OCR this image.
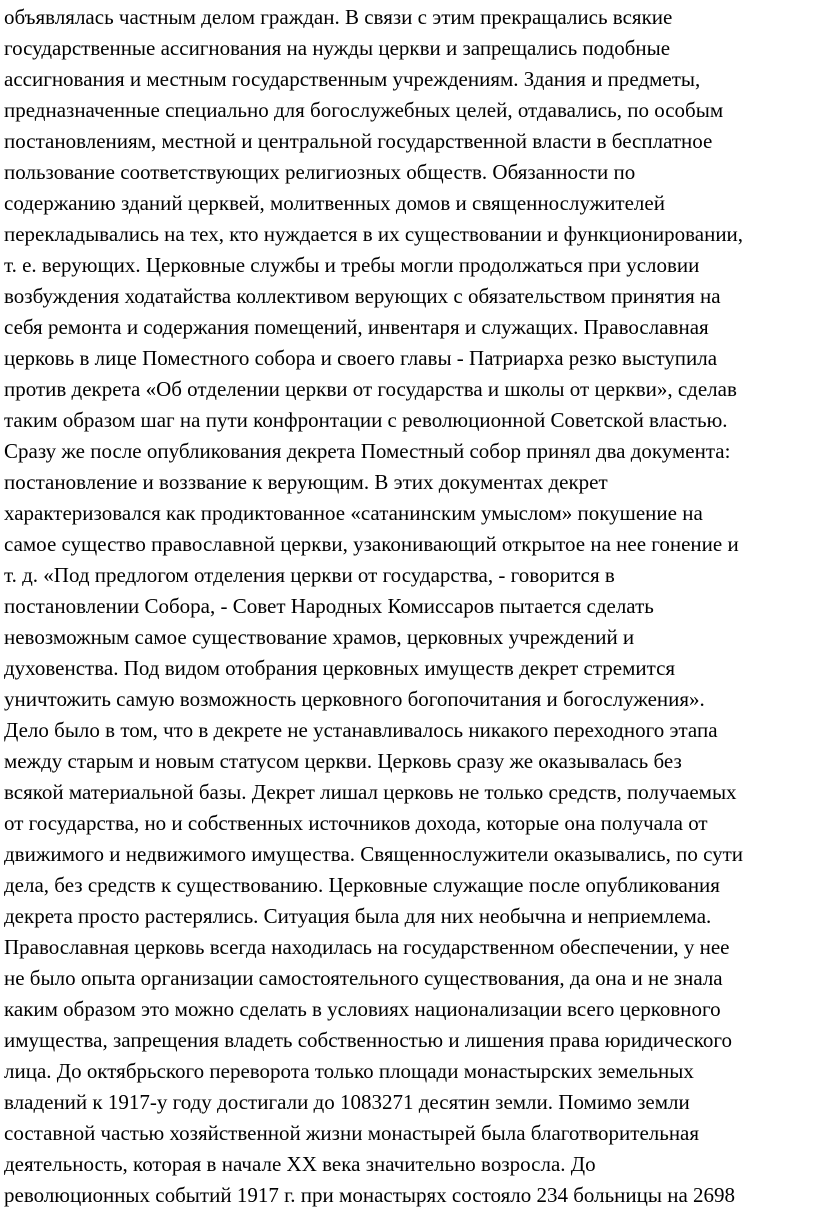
объявлялась частным делом граждан. В связи с этим прекращались всякие
государственные ассигнования на нужды церкви и запрещались подобные
ассигнования и местным государственным учреждениям. Здания и предметы,
предназначенные специально для богослужебных целей, отдавались, по особым
постановлениям, местной и центральной государственной власти в бесплатное
пользование соответствующих религиозных обществ. Обязанности по
содержанию зданий церквей, молитвенных домов и священнослужителей
перекладывались на тех, кто нуждается в их существовании и функционировании,
т. е. верующих. Церковные службы и требы могли продолжаться при условии
возбуждения ходатайства коллективом верующих с обязательством принятия на
себя ремонта и содержания помещений, инвентаря и служащих. Православная
церковь в лице Поместного собора и своего главы - Патриарха резко выступила
против декрета «Об отделении церкви от государства и школы от церкви», сделав
таким образом шаг на пути конфронтации с революционной Советской властью.
Сразу же после опубликования декрета Поместный собор принял два документа:
постановление и воззвание к верующим. В этих документах декрет
характеризовался как продиктованное «сатанинским умыслом» покушение на
самое существо православной церкви, узаконивающий открытое на нее гонение и
т. д. «Под предлогом отделения церкви от государства, - говорится в
постановлении Собора, - Совет Народных Комиссаров пытается сделать
невозможным самое существование храмов, церковных учреждений и
духовенства. Под видом отобрания церковных имуществ декрет стремится
уничтожить самую возможность церковного богопочитания и богослужения».
Дело было в том, что в декрете не устанавливалось никакого переходного этапа
между старым и новым статусом церкви. Церковь сразу же оказывалась без
всякой материальной базы. Декрет лишал церковь не только средств, получаемых
от государства, но и собственных источников дохода, которые она получала от
движимого и недвижимого имущества. Священнослужители оказывались, по сути
дела, без средств к существованию. Церковные служащие после опубликования
декрета просто растерялись. Ситуация была для них необычна и неприемлема.
Православная церковь всегда находилась на государственном обеспечении, у нее
не было опыта организации самостоятельного существования, да она и не знала
каким образом это можно сделать в условиях национализации всего церковного
имущества, запрещения владеть собственностью и лишения права юридического
лица. До октябрьского переворота только площади монастырских земельных
владений к 1917-у году достигали до 1083271 десятин земли. Помимо земли
составной частью хозяйственной жизни монастырей была благотворительная
деятельность, которая в начале ХХ века значительно возросла. До
революционных событий 1917 г. при монастырях состояло 234 больницы на 2698
